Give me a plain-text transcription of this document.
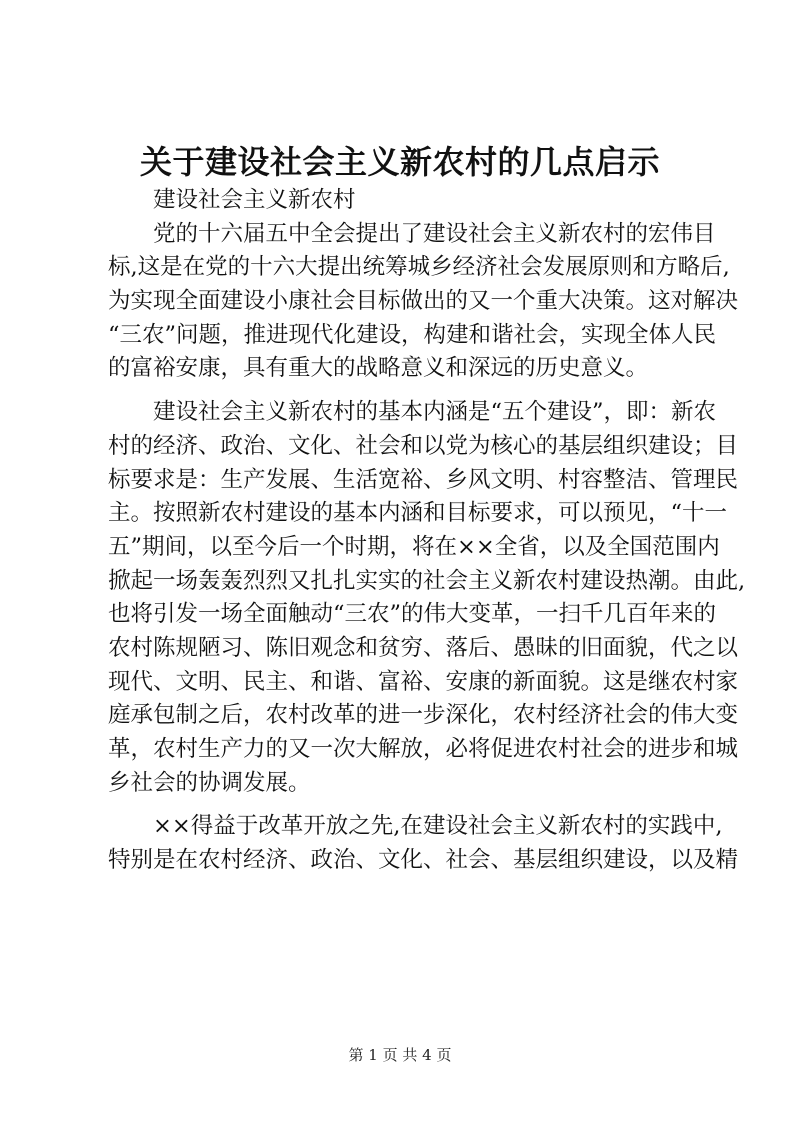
关于建设社会主义新农村的几点启示
建设社会主义新农村
党的十六届五中全会提出了建设社会主义新农村的宏伟目
标,这是在党的十六大提出统筹城乡经济社会发展原则和方略后,
为实现全面建设小康社会目标做出的又一个重大决策。这对解决
“三农”问题，推进现代化建设，构建和谐社会，实现全体人民
的富裕安康，具有重大的战略意义和深远的历史意义。
建设社会主义新农村的基本内涵是“五个建设”，即：新农
村的经济、政治、文化、社会和以党为核心的基层组织建设；目
标要求是：生产发展、生活宽裕、乡风文明、村容整洁、管理民
主。按照新农村建设的基本内涵和目标要求，可以预见，“十一
五”期间，以至今后一个时期，将在××全省，以及全国范围内
掀起一场轰轰烈烈又扎扎实实的社会主义新农村建设热潮。由此,
也将引发一场全面触动“三农”的伟大变革，一扫千几百年来的
农村陈规陋习、陈旧观念和贫穷、落后、愚昧的旧面貌，代之以
现代、文明、民主、和谐、富裕、安康的新面貌。这是继农村家
庭承包制之后，农村改革的进一步深化，农村经济社会的伟大变
革，农村生产力的又一次大解放，必将促进农村社会的进步和城
乡社会的协调发展。
××得益于改革开放之先,在建设社会主义新农村的实践中,
特别是在农村经济、政治、文化、社会、基层组织建设，以及精
第 1 页 共 4 页
